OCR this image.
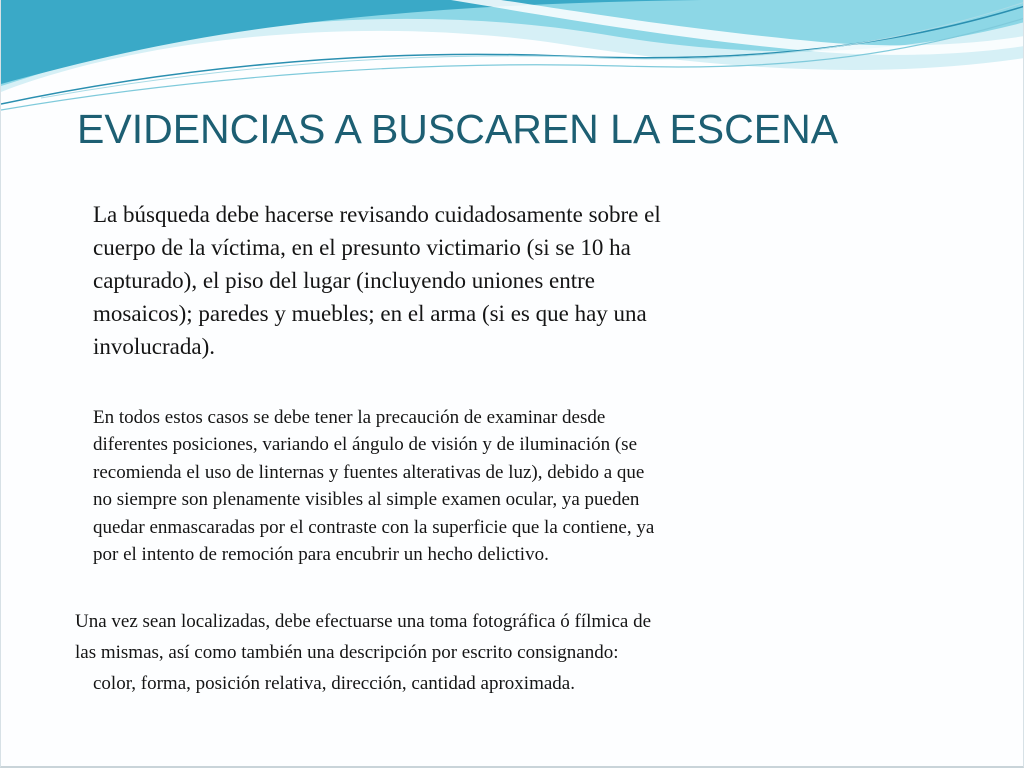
EVIDENCIAS A BUSCAREN LA ESCENA
La búsqueda debe hacerse revisando cuidadosamente sobre el
cuerpo de la víctima, en el presunto victimario (si se 10 ha
capturado), el piso del lugar (incluyendo uniones entre
mosaicos); paredes y muebles; en el arma (si es que hay una
involucrada).
En todos estos casos se debe tener la precaución de examinar desde
diferentes posiciones, variando el ángulo de visión y de iluminación (se
recomienda el uso de linternas y fuentes alterativas de luz), debido a que
no siempre son plenamente visibles al simple examen ocular, ya pueden
quedar enmascaradas por el contraste con la superficie que la contiene, ya
por el intento de remoción para encubrir un hecho delictivo.
Una vez sean localizadas, debe efectuarse una toma fotográfica ó fílmica de
las mismas, así como también una descripción por escrito consignando:
color, forma, posición relativa, dirección, cantidad aproximada.
